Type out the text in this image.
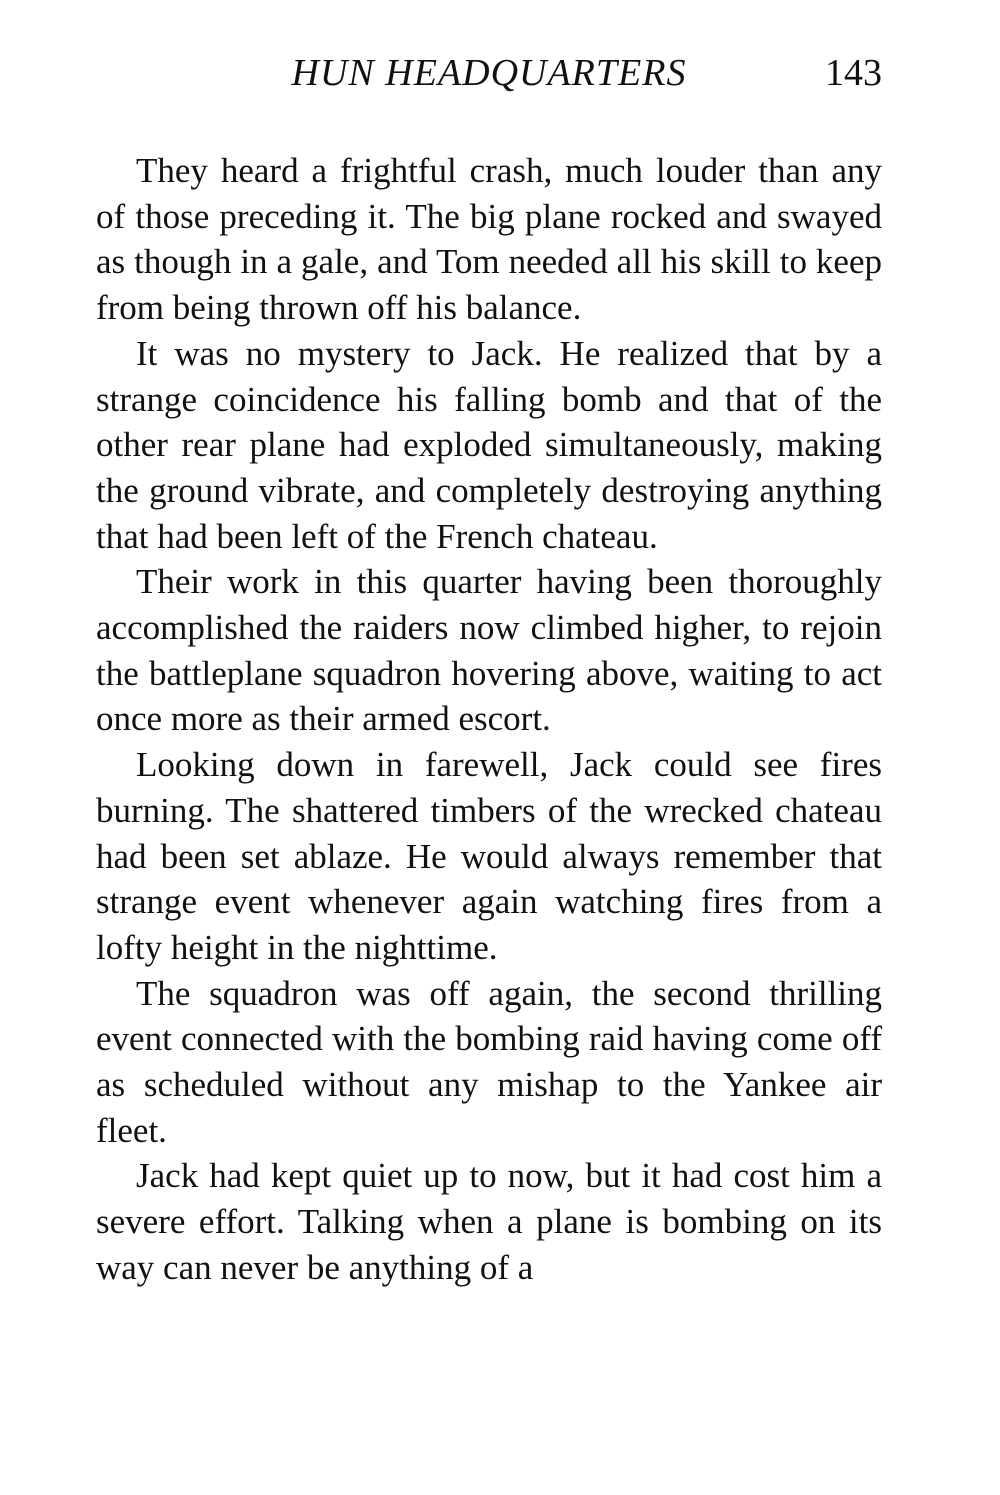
HUN HEADQUARTERS	143

They heard a frightful crash, much louder than any of those preceding it. The big plane rocked and swayed as though in a gale, and Tom needed all his skill to keep from being thrown off his balance.

It was no mystery to Jack. He realized that by a strange coincidence his falling bomb and that of the other rear plane had exploded simultaneously, making the ground vibrate, and completely destroying anything that had been left of the French chateau.

Their work in this quarter having been thoroughly accomplished the raiders now climbed higher, to rejoin the battleplane squadron hovering above, waiting to act once more as their armed escort.

Looking down in farewell, Jack could see fires burning. The shattered timbers of the wrecked chateau had been set ablaze. He would always remember that strange event whenever again watching fires from a lofty height in the nighttime.

The squadron was off again, the second thrilling event connected with the bombing raid having come off as scheduled without any mishap to the Yankee air fleet.

Jack had kept quiet up to now, but it had cost him a severe effort. Talking when a plane is bombing on its way can never be anything of a
